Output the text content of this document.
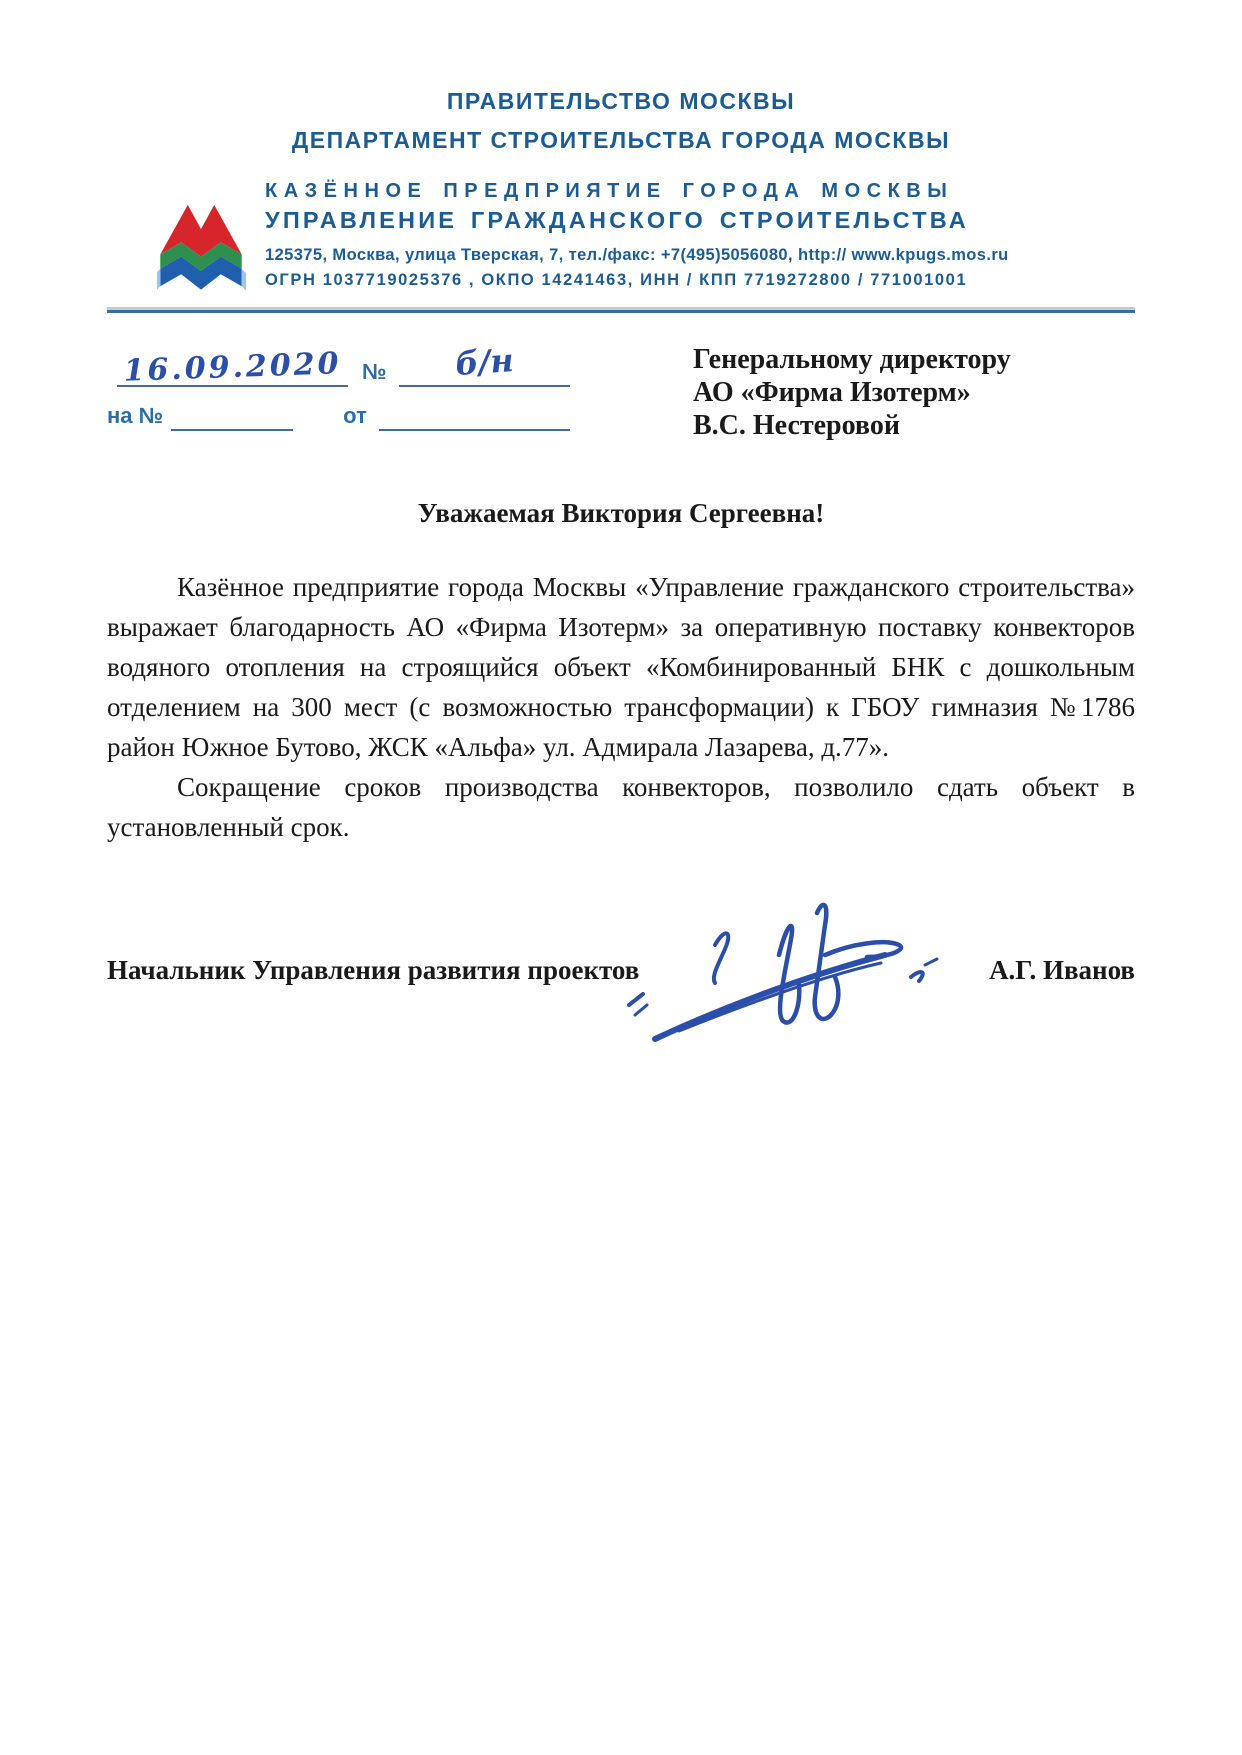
ПРАВИТЕЛЬСТВО МОСКВЫ
ДЕПАРТАМЕНТ СТРОИТЕЛЬСТВА ГОРОДА МОСКВЫ
КАЗЁННОЕ ПРЕДПРИЯТИЕ ГОРОДА МОСКВЫ
УПРАВЛЕНИЕ ГРАЖДАНСКОГО СТРОИТЕЛЬСТВА
125375, Москва, улица Тверская, 7, тел./факс: +7(495)5056080, http:// www.kpugs.mos.ru
ОГРН 1037719025376 , ОКПО 14241463, ИНН / КПП 7719272800 / 771001001
16.09.2020 №	б/н
на №	от
Генеральному директору
АО «Фирма Изотерм»
В.С. Нестеровой
Уважаемая Виктория Сергеевна!

Казённое предприятие города Москвы «Управление гражданского строительства» выражает благодарность АО «Фирма Изотерм» за оперативную поставку конвекторов водяного отопления на строящийся объект «Комбинированный БНК с дошкольным отделением на 300 мест (с возможностью трансформации) к ГБОУ гимназия №1786 район Южное Бутово, ЖСК «Альфа» ул. Адмирала Лазарева, д.77».

Сокращение сроков производства конвекторов, позволило сдать объект в установленный срок.

Начальник Управления развития проектов	А.Г. Иванов
